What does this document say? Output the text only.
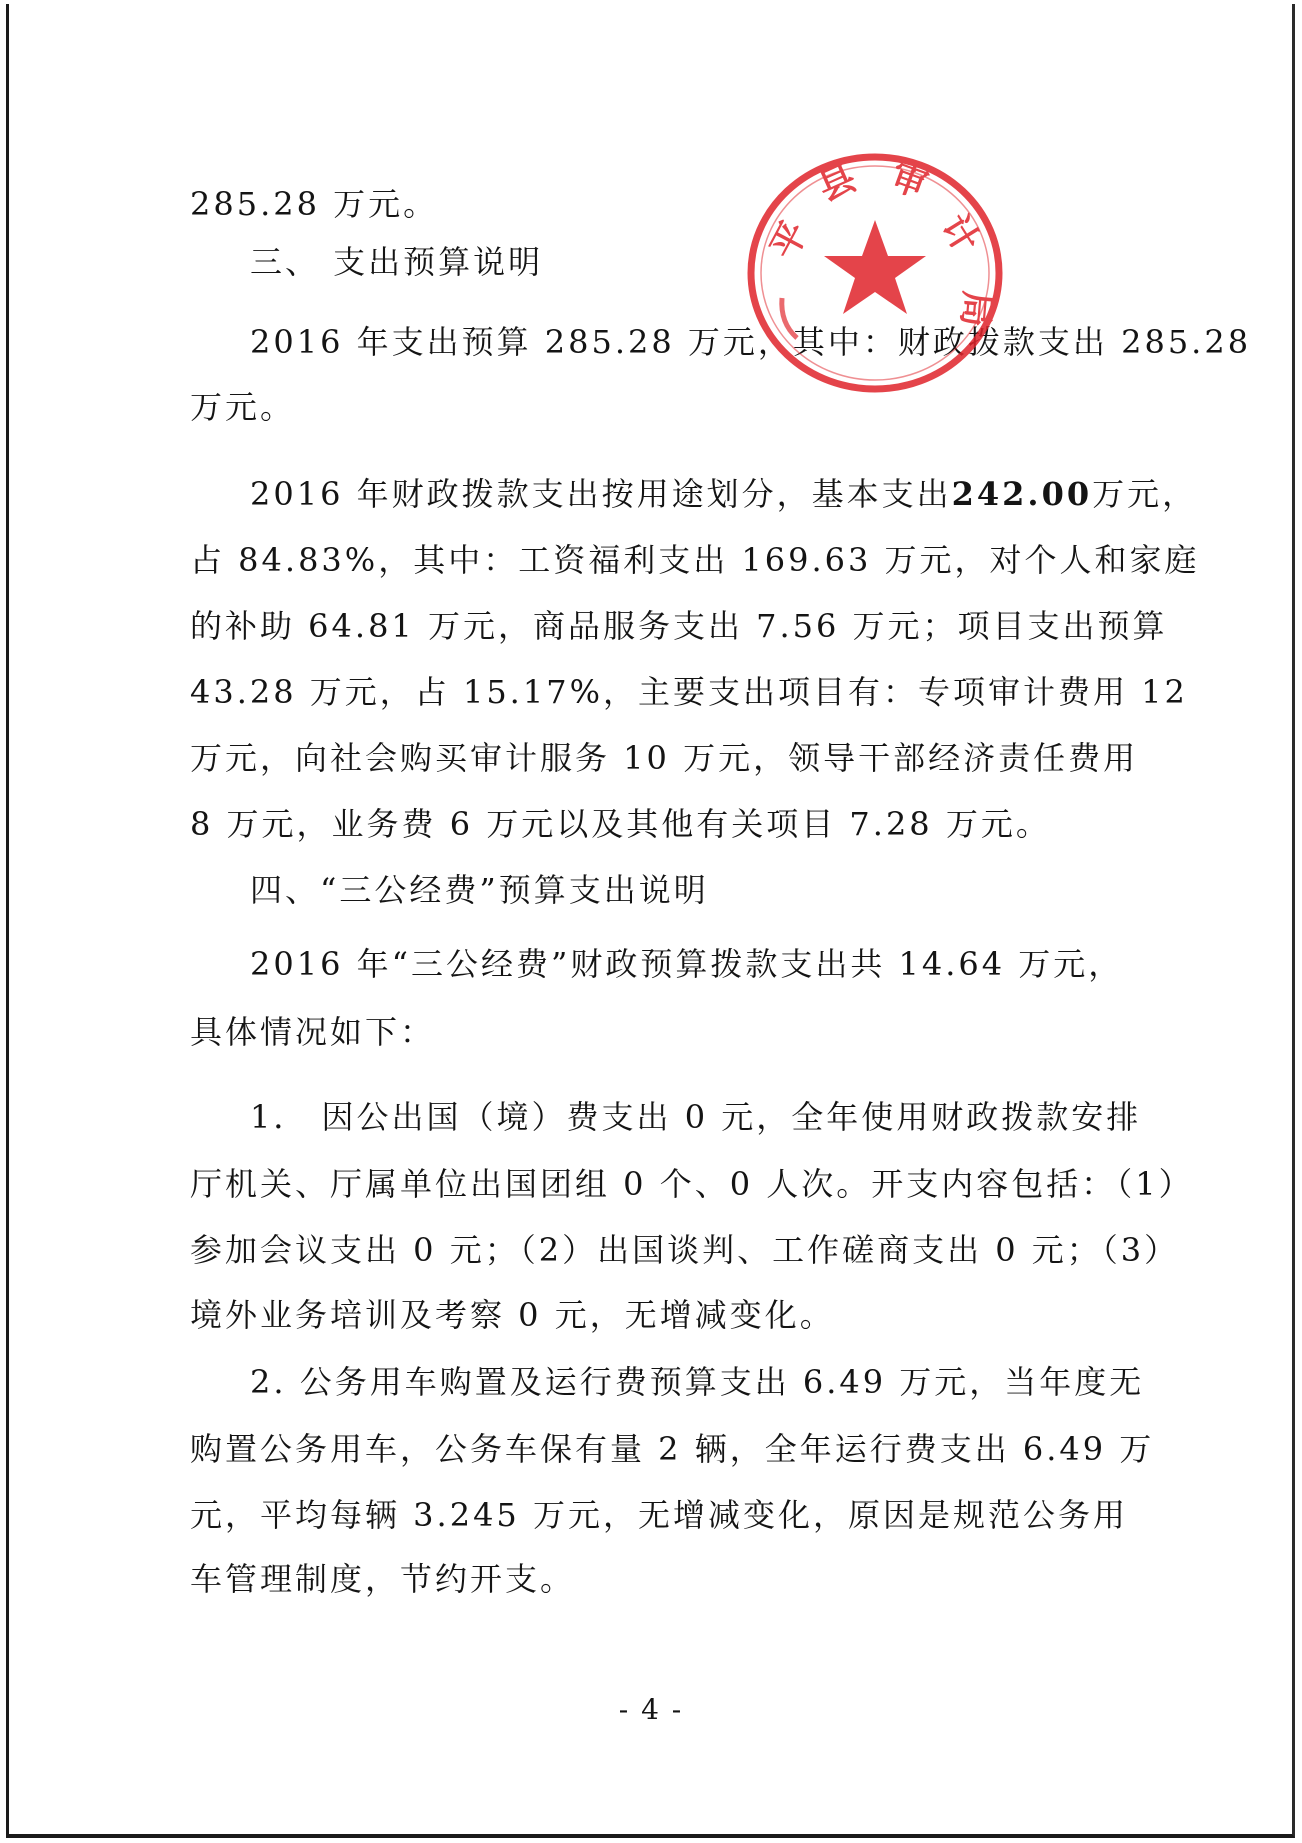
285.28 万元。
三、 支出预算说明
2016 年支出预算 285.28 万元，其中：财政拨款支出 285.28
万元。
2016 年财政拨款支出按用途划分，基本支出242.00万元，
占 84.83%，其中：工资福利支出 169.63 万元，对个人和家庭
的补助 64.81 万元，商品服务支出 7.56 万元；项目支出预算
43.28 万元，占 15.17%，主要支出项目有：专项审计费用 12
万元，向社会购买审计服务 10 万元，领导干部经济责任费用
8 万元，业务费 6 万元以及其他有关项目 7.28 万元。
四、“三公经费”预算支出说明
2016 年“三公经费”财政预算拨款支出共 14.64 万元，
具体情况如下：
1． 因公出国（境）费支出 0 元，全年使用财政拨款安排
厅机关、厅属单位出国团组 0 个、0 人次。开支内容包括：（1）
参加会议支出 0 元；（2）出国谈判、工作磋商支出 0 元；（3）
境外业务培训及考察 0 元，无增减变化。
2. 公务用车购置及运行费预算支出 6.49 万元，当年度无
购置公务用车，公务车保有量 2 辆，全年运行费支出 6.49 万
元，平均每辆 3.245 万元，无增减变化，原因是规范公务用
车管理制度，节约开支。
- 4 -
平
县 审
计
局
